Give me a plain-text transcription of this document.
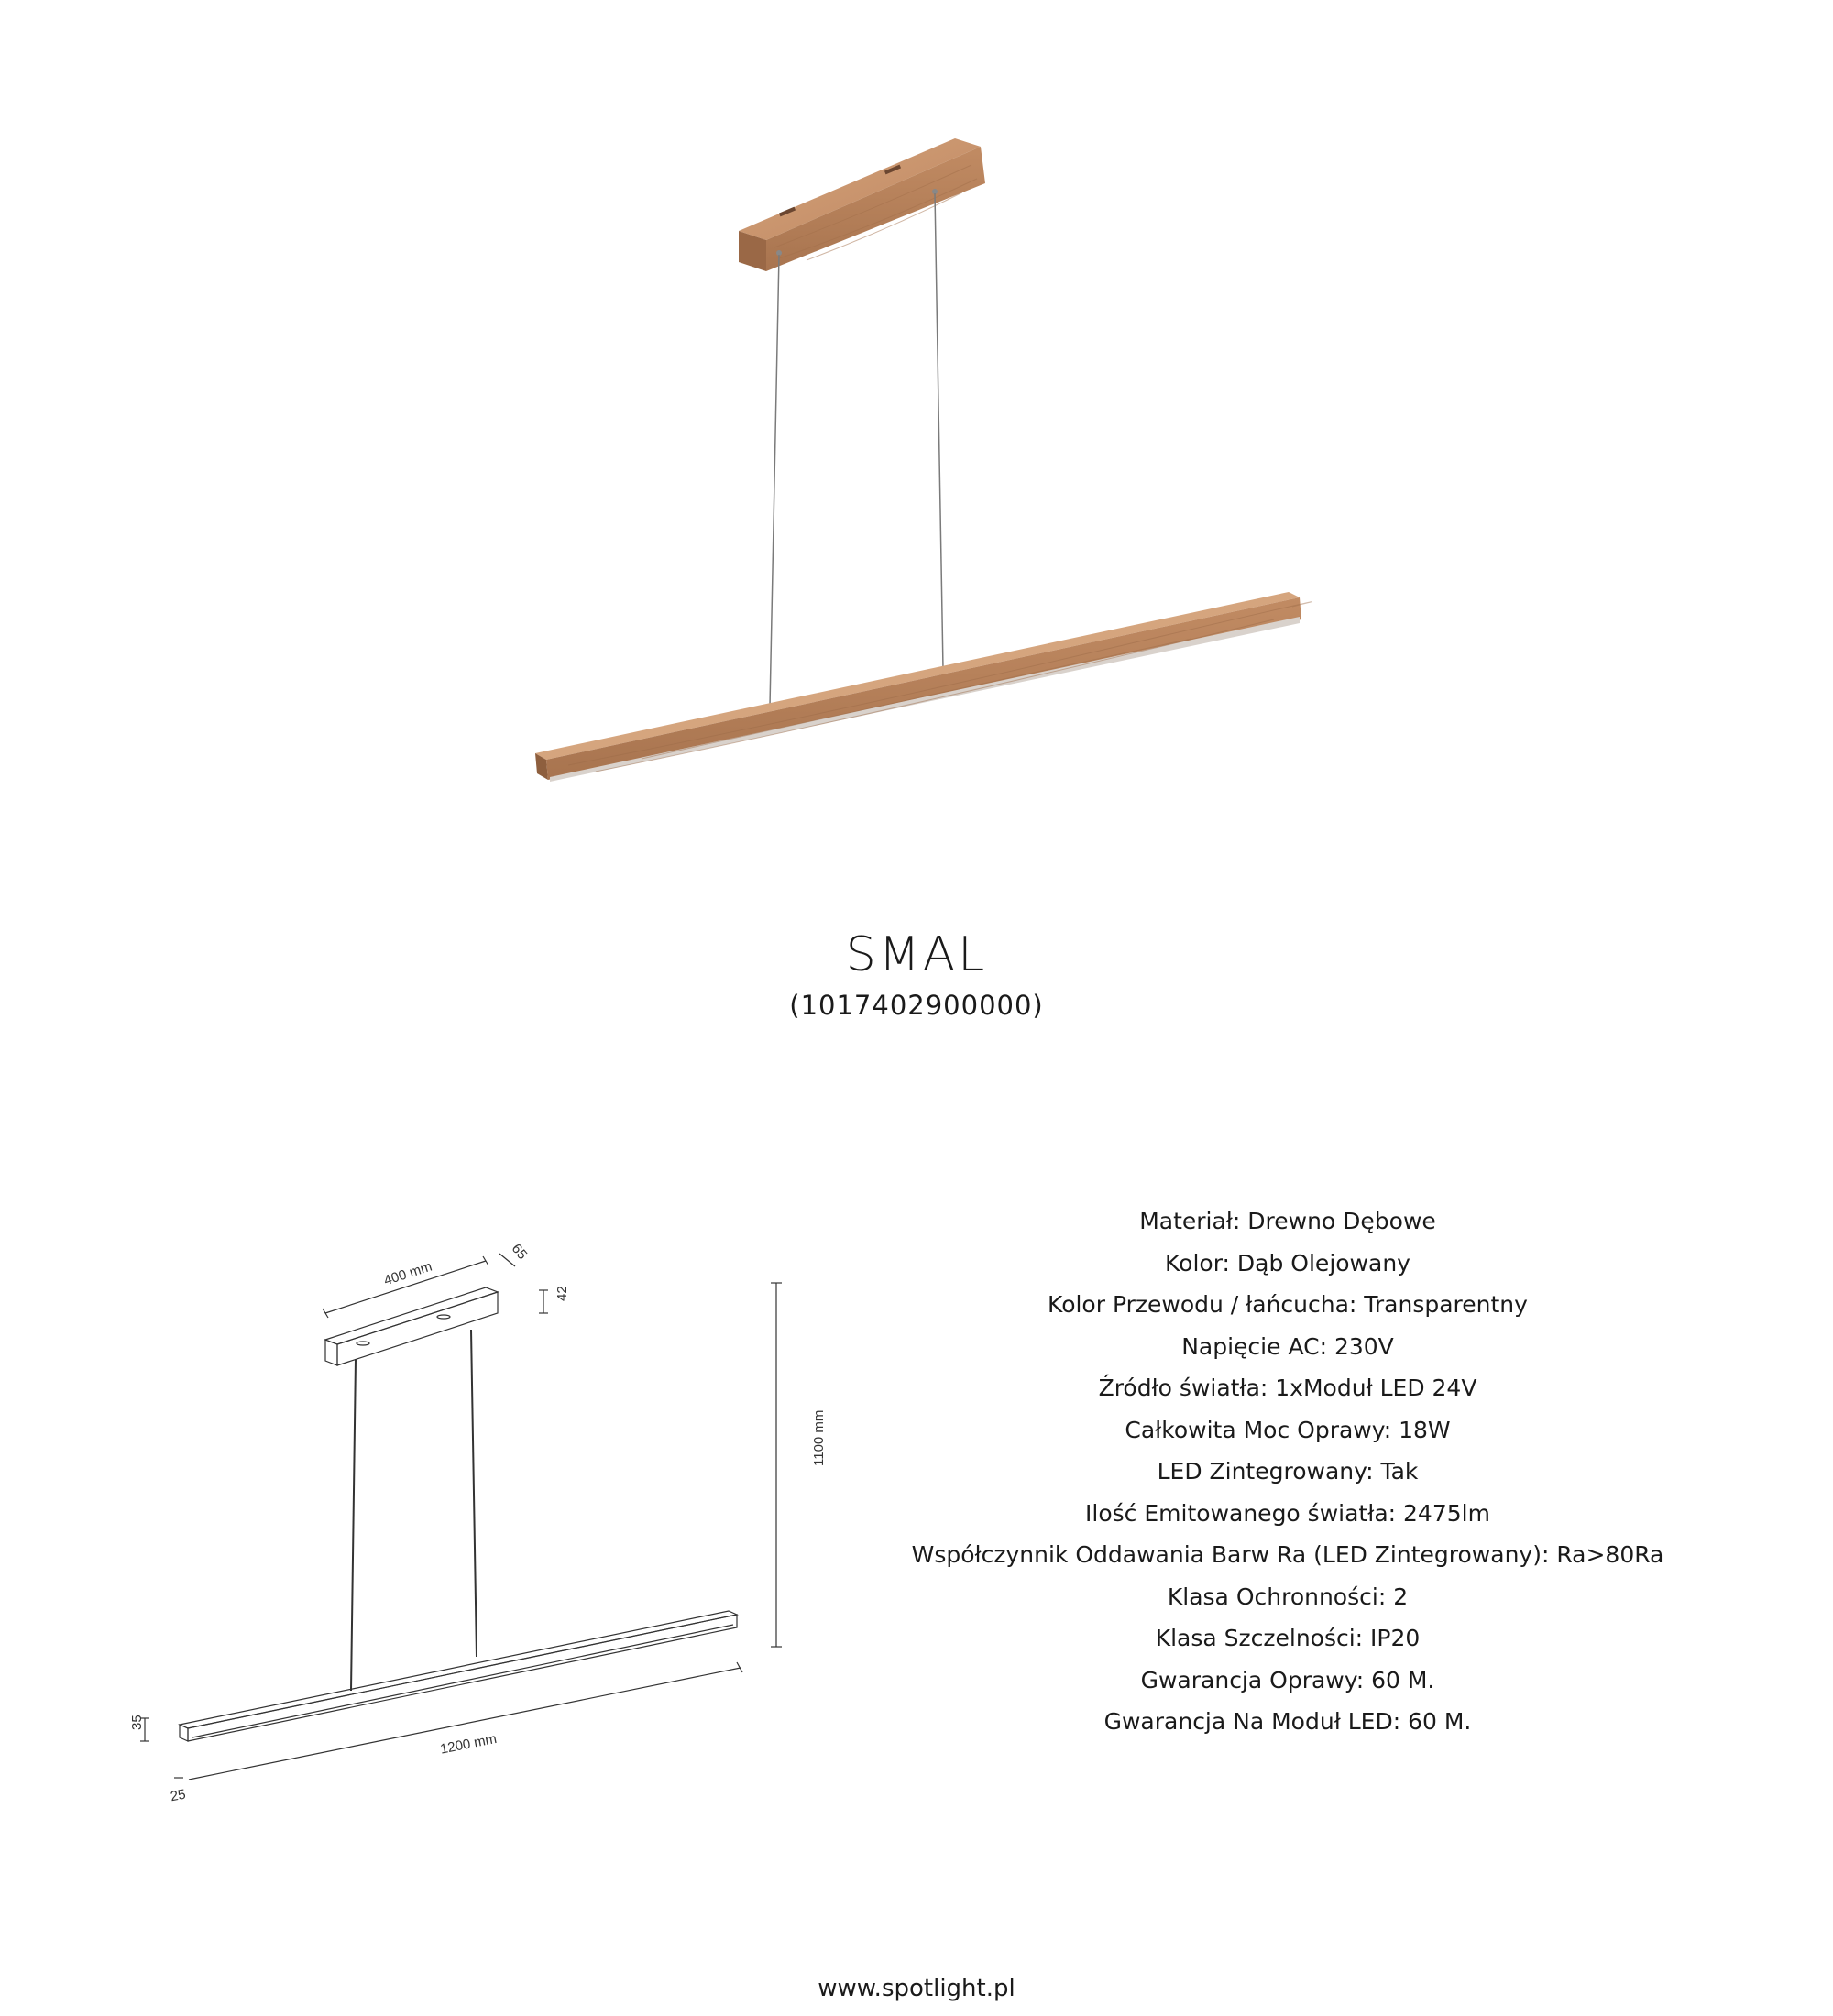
SMAL
(1017402900000)
400 mm
65
42
1100 mm
1200 mm
35
25
Materiał: Drewno Dębowe
Kolor: Dąb Olejowany
Kolor Przewodu / łańcucha: Transparentny
Napięcie AC: 230V
Źródło światła: 1xModuł LED 24V
Całkowita Moc Oprawy: 18W
LED Zintegrowany: Tak
Ilość Emitowanego światła: 2475lm
Współczynnik Oddawania Barw Ra (LED Zintegrowany): Ra>80Ra
Klasa Ochronności: 2
Klasa Szczelności: IP20
Gwarancja Oprawy: 60 M.
Gwarancja Na Moduł LED: 60 M.
www.spotlight.pl
